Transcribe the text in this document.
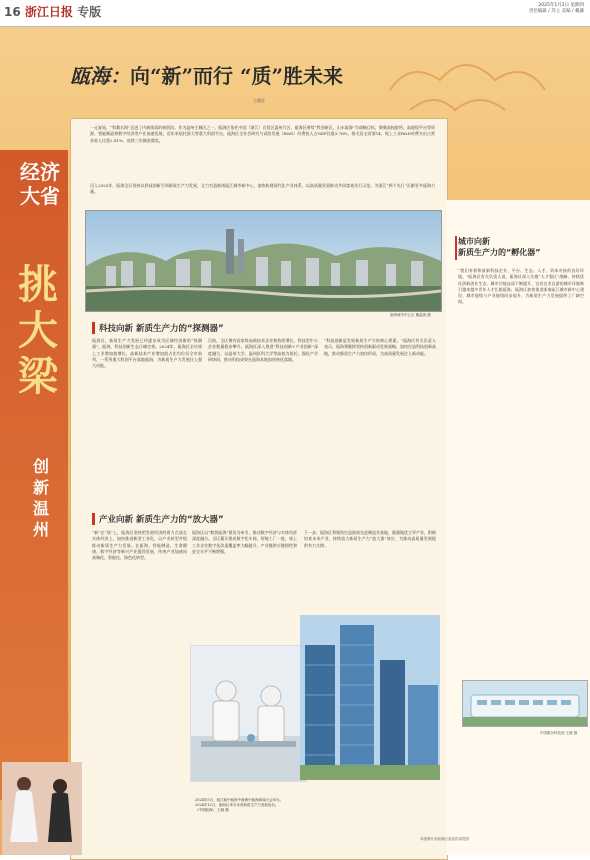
16 浙江日报 专版	2025年1月2日 星期四
责任编辑 / 苏立 美编 / 戴谦
瓯海：向“新”而行 “质”胜未来
王晓佳
经济大省
挑大梁
创新温州
一元复始，“科教名海”迈进了内新续质的新阶段。作为温州主城区之一，瓯海区依托中国（浙江）自贸区温州片区、瓯海区乘势“科创新区，山水瓯海”为战略目标，聚聚高校院所、高能级平台等资源，智能制造和数字经济等产业加速发展。近年来依托浙大等重大科创平台，瓯海区全社会研究与试验发展（R&D）经费投入占GDP比重3.76%，排名居全省第14，规上工业R&D经费支出占营业收入比重2.81%，连续三年摘金鼎奖。
迈入2025年，瓯海全区坚持以科技创新引领新质生产力发展，全力打造浙南瓯江城市新中心，加快构建现代化产业体系，以高质量发展推动共同富裕先行示范，为浙江“两个先行”贡献更多瓯海力量。
瓯海城市中心区 戴温海 摄
科技向新 新质生产力的“探测器”
瓯海区，新质生产力发展已经逐步成为区域经济新的“探测器”。瓯海，科技创新生态日臻完善。2024年，瓯海区全年规上工业增加值增长、高新技术产业增加值占比均位居全市前列，一系列重大科创平台落地瓯海，为新质生产力发展注入强大动能。
目前，全区拥有国家级高新技术企业数持续增长，科技型中小企业数量稳步攀升。瓯海区深入推进“科技创新+产业创新”深度融合，以温州大学、温州医科大学等高校为依托，强化产学研协同，推动科技成果在瓯海本地加快转化落地。
“科技创新是发展新质生产力的核心要素。”瓯海区有关负责人表示，瓯海将继续坚持创新驱动发展战略，加快打造科技创新高地，推动新质生产力加快形成，为高质量发展注入新动能。
产业向新 新质生产力的“放大器”
“新”在“质”上，瓯海区坚持把发展经济的着力点放在实体经济上，加快推进新型工业化，以产业转型升级推动新质生产力发展。在瓯海，智能制造、生命健康、数字经济等新兴产业蓬勃发展，传统产业加速向高端化、智能化、绿色化转型。
瓯海区以“数智瓯海”建设为牵引，推动数字经济与实体经济深度融合。全区累计建成数字化车间、智能工厂一批，规上工业企业数字化改造覆盖率大幅提升，产业链供应链韧性和安全水平不断增强。
下一步，瓯海区将聚焦打造浙南先进制造业基地，做强做优主导产业，积极培育未来产业，持续放大新质生产力“放大器”效应，为推动高质量发展提供有力支撑。
2024年5月，瓯江瓯中瓯海中瓯海中瓯海新闻大会举办。
2024年12月，瓯海区举办未来新质生产力发展论坛。
《中国瓯海》 王晓 摄
城市向新
新质生产力的“孵化器”
“我们有着和最新科技企业、平台、生态、人才、资本对接的良好环境。”瓯海区有关负责人说，瓯海区深入实施“人才强区”战略，持续优化创新创业生态，城市功能品质不断提升，宜居宜业宜游的城市环境吸引越来越多青年人才扎根瓯海。瓯海区加快推进浙南瓯江城市新中心建设，城市能级与产业能级同步提升，为新质生产力发展提供了广阔空间。
中国眼谷科技园 王晓 摄
本版图片由瓯海区委宣传部提供
